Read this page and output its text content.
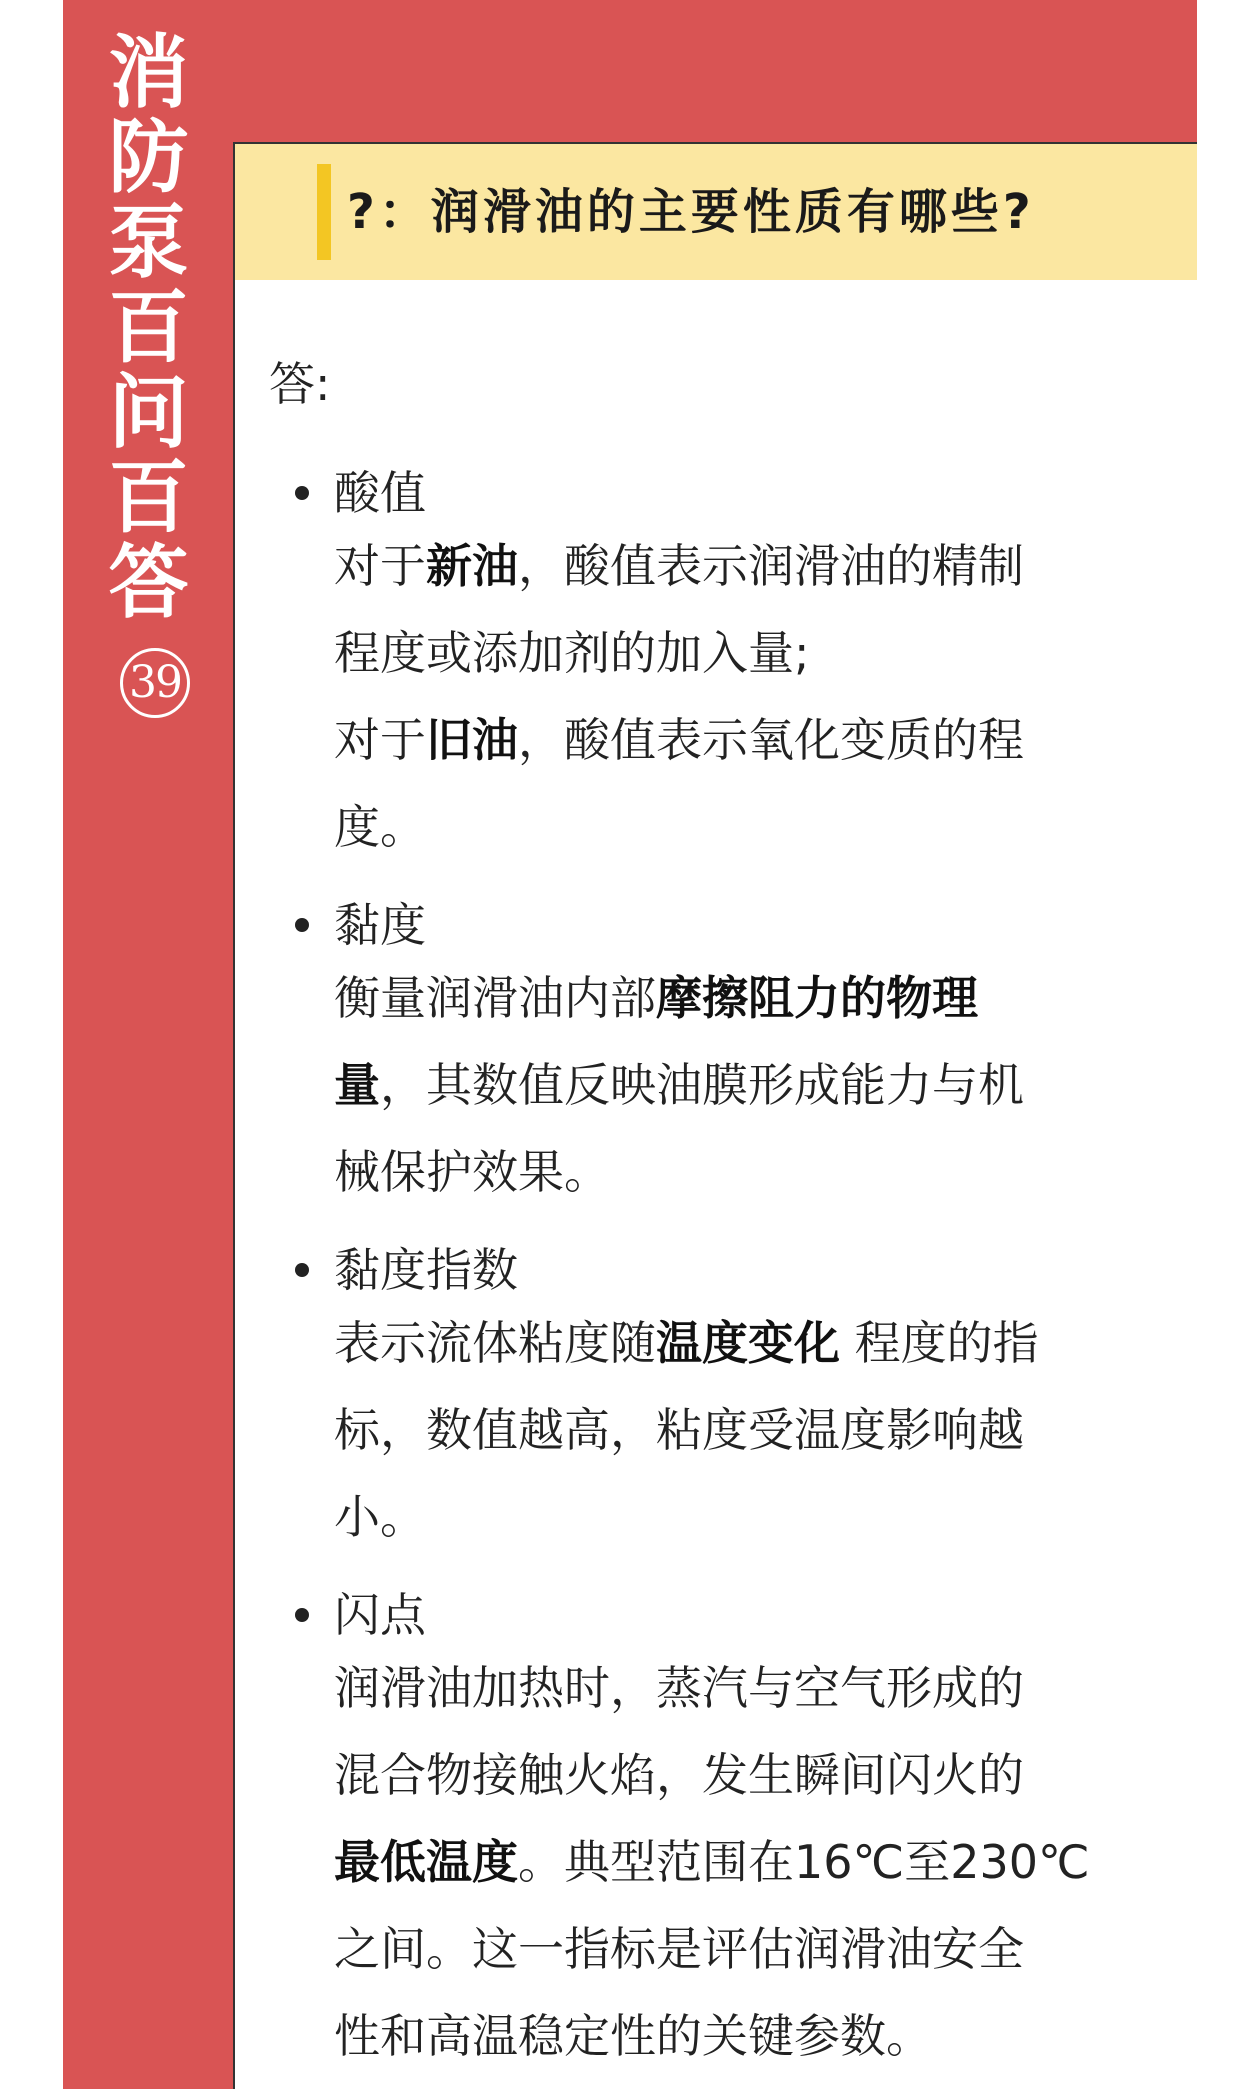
消
防
泵
百
问
百
答
39
?：润滑油的主要性质有哪些?
答:
酸值
对于新油，酸值表示润滑油的精制
程度或添加剂的加入量;
对于旧油，酸值表示氧化变质的程
度。
黏度
衡量润滑油内部摩擦阻力的物理
量，其数值反映油膜形成能力与机
械保护效果。
黏度指数
表示流体粘度随温度变化 程度的指
标，数值越高，粘度受温度影响越
小。
闪点
润滑油加热时，蒸汽与空气形成的
混合物接触火焰，发生瞬间闪火的
最低温度。典型范围在16℃至230℃
之间。这一指标是评估润滑油安全
性和高温稳定性的关键参数。
